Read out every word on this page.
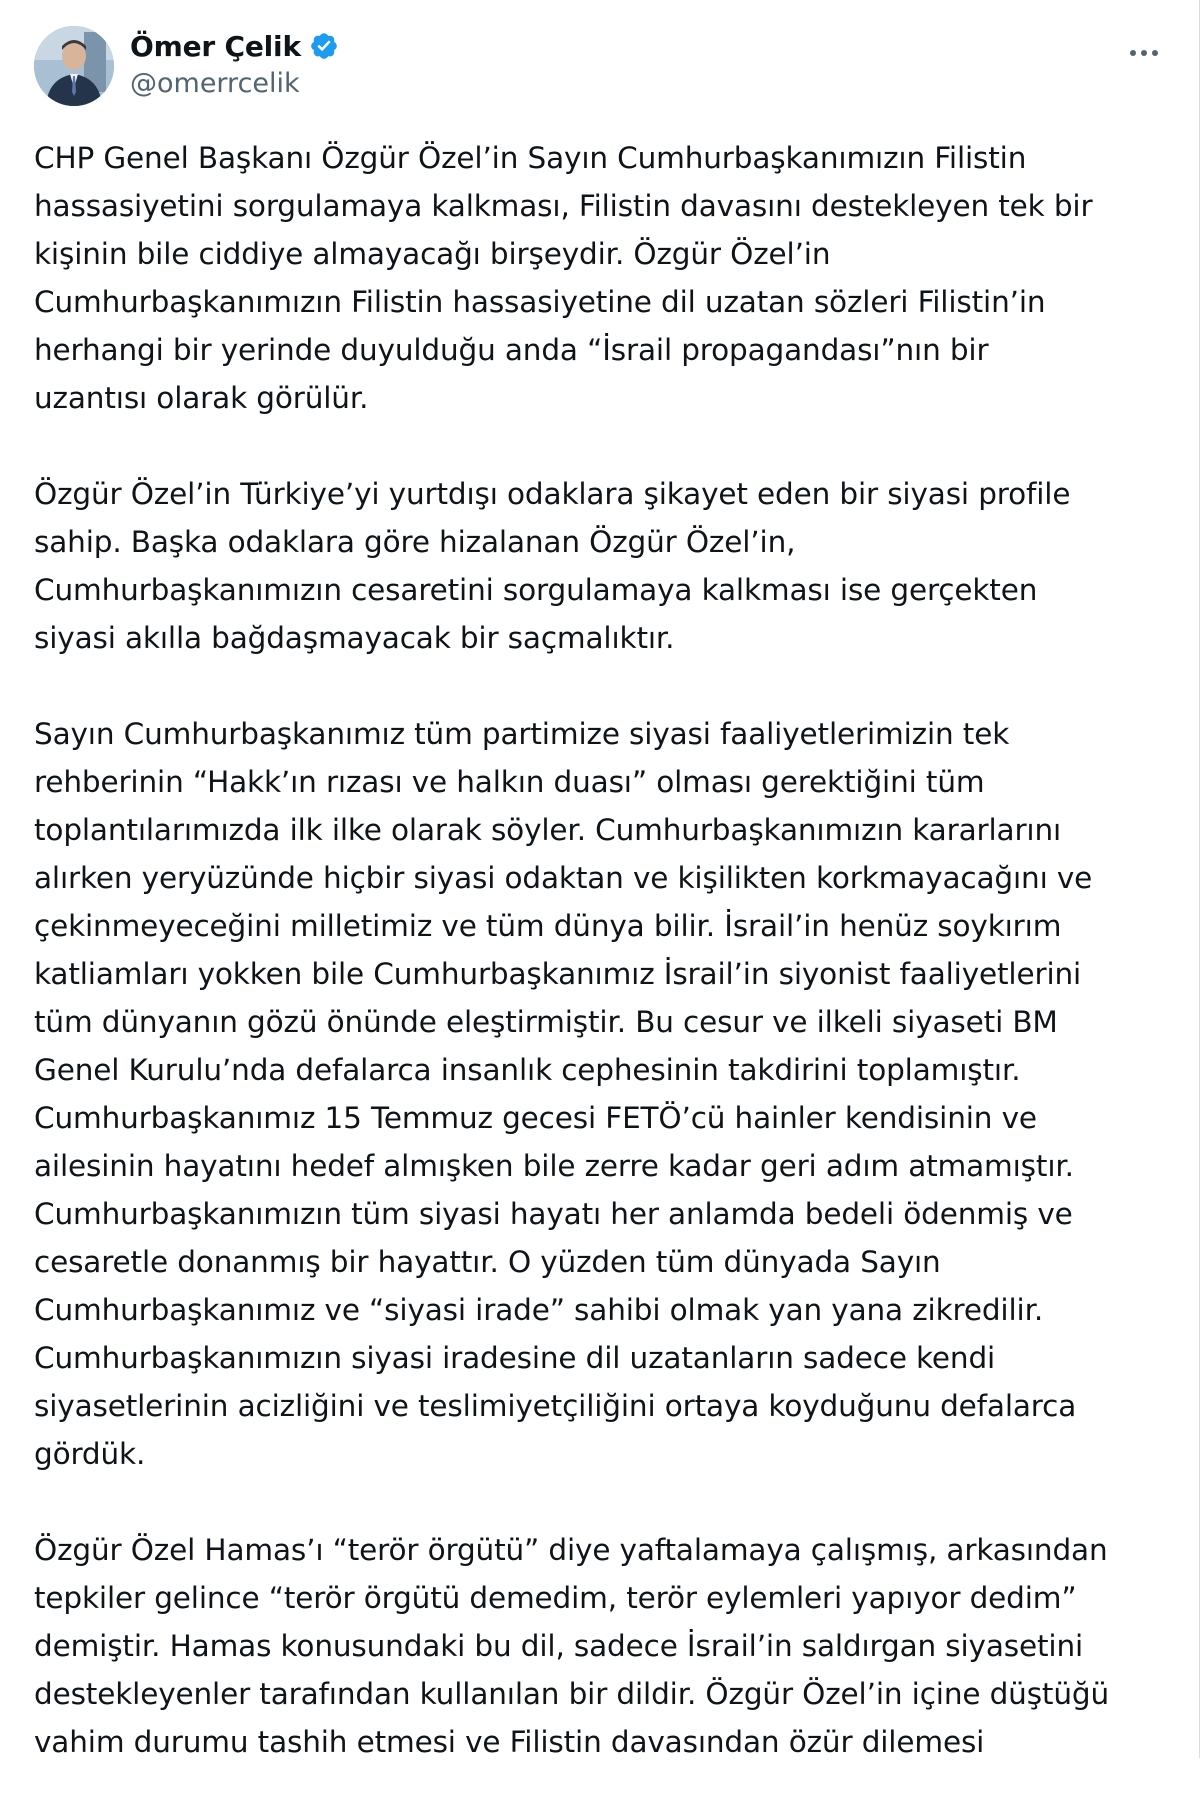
Ömer Çelik
@omerrcelik
CHP Genel Başkanı Özgür Özel’in Sayın Cumhurbaşkanımızın Filistin
hassasiyetini sorgulamaya kalkması, Filistin davasını destekleyen tek bir
kişinin bile ciddiye almayacağı birşeydir. Özgür Özel’in
Cumhurbaşkanımızın Filistin hassasiyetine dil uzatan sözleri Filistin’in
herhangi bir yerinde duyulduğu anda “İsrail propagandası”nın bir
uzantısı olarak görülür.
Özgür Özel’in Türkiye’yi yurtdışı odaklara şikayet eden bir siyasi profile
sahip. Başka odaklara göre hizalanan Özgür Özel’in,
Cumhurbaşkanımızın cesaretini sorgulamaya kalkması ise gerçekten
siyasi akılla bağdaşmayacak bir saçmalıktır.
Sayın Cumhurbaşkanımız tüm partimize siyasi faaliyetlerimizin tek
rehberinin “Hakk’ın rızası ve halkın duası” olması gerektiğini tüm
toplantılarımızda ilk ilke olarak söyler. Cumhurbaşkanımızın kararlarını
alırken yeryüzünde hiçbir siyasi odaktan ve kişilikten korkmayacağını ve
çekinmeyeceğini milletimiz ve tüm dünya bilir. İsrail’in henüz soykırım
katliamları yokken bile Cumhurbaşkanımız İsrail’in siyonist faaliyetlerini
tüm dünyanın gözü önünde eleştirmiştir. Bu cesur ve ilkeli siyaseti BM
Genel Kurulu’nda defalarca insanlık cephesinin takdirini toplamıştır.
Cumhurbaşkanımız 15 Temmuz gecesi FETÖ’cü hainler kendisinin ve
ailesinin hayatını hedef almışken bile zerre kadar geri adım atmamıştır.
Cumhurbaşkanımızın tüm siyasi hayatı her anlamda bedeli ödenmiş ve
cesaretle donanmış bir hayattır. O yüzden tüm dünyada Sayın
Cumhurbaşkanımız ve “siyasi irade” sahibi olmak yan yana zikredilir.
Cumhurbaşkanımızın siyasi iradesine dil uzatanların sadece kendi
siyasetlerinin acizliğini ve teslimiyetçiliğini ortaya koyduğunu defalarca
gördük.
Özgür Özel Hamas’ı “terör örgütü” diye yaftalamaya çalışmış, arkasından
tepkiler gelince “terör örgütü demedim, terör eylemleri yapıyor dedim”
demiştir. Hamas konusundaki bu dil, sadece İsrail’in saldırgan siyasetini
destekleyenler tarafından kullanılan bir dildir. Özgür Özel’in içine düştüğü
vahim durumu tashih etmesi ve Filistin davasından özür dilemesi
